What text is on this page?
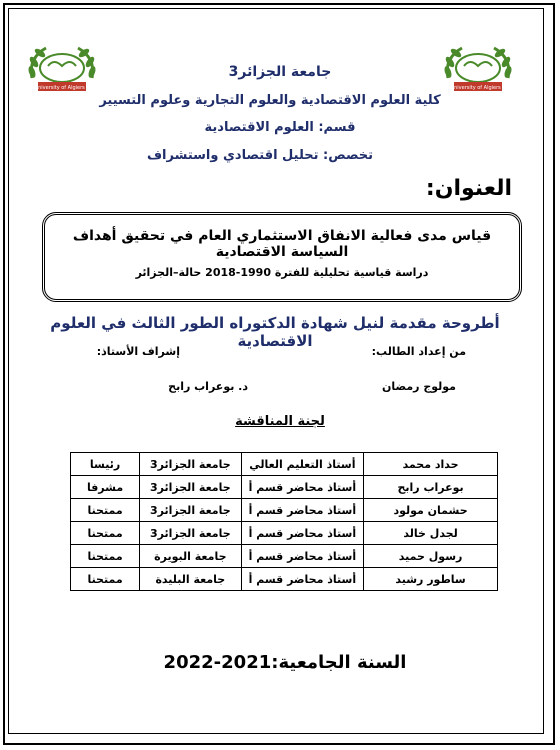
University of Algiers 3	University of Algiers 3
جامعة الجزائر3
كلية العلوم الاقتصادية والعلوم التجارية وعلوم التسيير
قسم: العلوم الاقتصادية
تخصص: تحليل اقتصادي واستشراف
العنوان:
قياس مدى فعالية الانفاق الاستثماري العام في تحقيق أهداف السياسة الاقتصادية
دراسة قياسية تحليلية للفترة 1990-2018 حالة–الجزائر
أطروحة مقدمة لنيل شهادة الدكتوراه الطور الثالث في العلوم الاقتصادية
من إعداد الطالب:
إشراف الأستاذ:
مولوج رمضان
د. بوعراب رابح
لجنة المناقشة
حداد محمد	أستاذ التعليم العالي	جامعة الجزائر3	رئيسا
بوعراب رابح	أستاذ محاضر قسم أ	جامعة الجزائر3	مشرفا
حشمان مولود	أستاذ محاضر قسم أ	جامعة الجزائر3	ممتحنا
لجدل خالد	أستاذ محاضر قسم أ	جامعة الجزائر3	ممتحنا
رسول حميد	أستاذ محاضر قسم أ	جامعة البويرة	ممتحنا
ساطور رشيد	أستاذ محاضر قسم أ	جامعة البليدة	ممتحنا
السنة الجامعية:2021-2022
